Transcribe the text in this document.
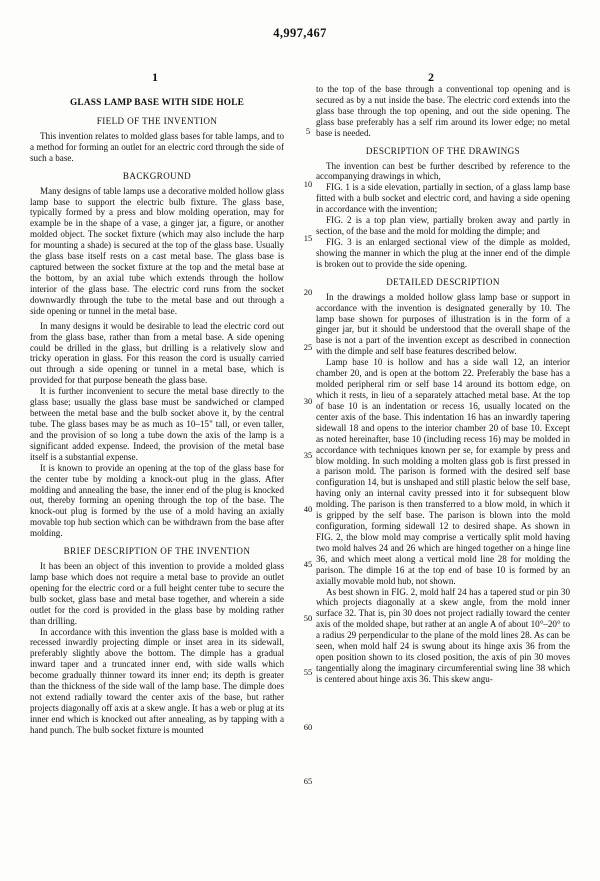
4,997,467
1	2
GLASS LAMP BASE WITH SIDE HOLE
FIELD OF THE INVENTION

This invention relates to molded glass bases for table lamps, and to a method for forming an outlet for an electric cord through the side of such a base.

BACKGROUND

Many designs of table lamps use a decorative molded hollow glass lamp base to support the electric bulb fixture. The glass base, typically formed by a press and blow molding operation, may for example be in the shape of a vase, a ginger jar, a figure, or another molded object. The socket fixture (which may also include the harp for mounting a shade) is secured at the top of the glass base. Usually the glass base itself rests on a cast metal base. The glass base is captured between the socket fixture at the top and the metal base at the bottom, by an axial tube which extends through the hollow interior of the glass base. The electric cord runs from the socket downwardly through the tube to the metal base and out through a side opening or tunnel in the metal base.

In many designs it would be desirable to lead the electric cord out from the glass base, rather than from a metal base. A side opening could be drilled in the glass, but drilling is a relatively slow and tricky operation in glass. For this reason the cord is usually carried out through a side opening or tunnel in a metal base, which is provided for that purpose beneath the glass base.

It is further inconvenient to secure the metal base directly to the glass base; usually the glass base must be sandwiched or clamped between the metal base and the bulb socket above it, by the central tube. The glass bases may be as much as 10–15" tall, or even taller, and the provision of so long a tube down the axis of the lamp is a significant added expense. Indeed, the provision of the metal base itself is a substantial expense.

It is known to provide an opening at the top of the glass base for the center tube by molding a knock-out plug in the glass. After molding and annealing the base, the inner end of the plug is knocked out, thereby forming an opening through the top of the base. The knock-out plug is formed by the use of a mold having an axially movable top hub section which can be withdrawn from the base after molding.

BRIEF DESCRIPTION OF THE INVENTION

It has been an object of this invention to provide a molded glass lamp base which does not require a metal base to provide an outlet opening for the electric cord or a full height center tube to secure the bulb socket, glass base and metal base together, and wherein a side outlet for the cord is provided in the glass base by molding rather than drilling.

In accordance with this invention the glass base is molded with a recessed inwardly projecting dimple or inset area in its sidewall, preferably slightly above the bottom. The dimple has a gradual inward taper and a truncated inner end, with side walls which become gradually thinner toward its inner end; its depth is greater than the thickness of the side wall of the lamp base. The dimple does not extend radially toward the center axis of the base, but rather projects diagonally off axis at a skew angle. It has a web or plug at its inner end which is knocked out after annealing, as by tapping with a hand punch. The bulb socket fixture is mounted

5
10
15
20
25
30
35
40
45
50
55
60
65

to the top of the base through a conventional top opening and is secured as by a nut inside the base. The electric cord extends into the glass base through the top opening, and out the side opening. The glass base preferably has a self rim around its lower edge; no metal base is needed.

DESCRIPTION OF THE DRAWINGS

The invention can best be further described by reference to the accompanying drawings in which,

FIG. 1 is a side elevation, partially in section, of a glass lamp base fitted with a bulb socket and electric cord, and having a side opening in accordance with the invention;

FIG. 2 is a top plan view, partially broken away and partly in section, of the base and the mold for molding the dimple; and

FIG. 3 is an enlarged sectional view of the dimple as molded, showing the manner in which the plug at the inner end of the dimple is broken out to provide the side opening.

DETAILED DESCRIPTION

In the drawings a molded hollow glass lamp base or support in accordance with the invention is designated generally by 10. The lamp base shown for purposes of illustration is in the form of a ginger jar, but it should be understood that the overall shape of the base is not a part of the invention except as described in connection with the dimple and self base features described below.

Lamp base 10 is hollow and has a side wall 12, an interior chamber 20, and is open at the bottom 22. Preferably the base has a molded peripheral rim or self base 14 around its bottom edge, on which it rests, in lieu of a separately attached metal base. At the top of base 10 is an indentation or recess 16, usually located on the center axis of the base. This indentation 16 has an inwardly tapering sidewall 18 and opens to the interior chamber 20 of base 10. Except as noted hereinafter, base 10 (including recess 16) may be molded in accordance with techniques known per se, for example by press and blow molding. In such molding a molten glass gob is first pressed in a parison mold. The parison is formed with the desired self base configuration 14, but is unshaped and still plastic below the self base, having only an internal cavity pressed into it for subsequent blow molding. The parison is then transferred to a blow mold, in which it is gripped by the self base. The parison is blown into the mold configuration, forming sidewall 12 to desired shape. As shown in FIG. 2, the blow mold may comprise a vertically split mold having two mold halves 24 and 26 which are hinged together on a hinge line 36, and which meet along a vertical mold line 28 for molding the parison. The dimple 16 at the top end of base 10 is formed by an axially movable mold hub, not shown.

As best shown in FIG. 2, mold half 24 has a tapered stud or pin 30 which projects diagonally at a skew angle, from the mold inner surface 32. That is, pin 30 does not project radially toward the center axis of the molded shape, but rather at an angle A of about 10°–20° to a radius 29 perpendicular to the plane of the mold lines 28. As can be seen, when mold half 24 is swung about its hinge axis 36 from the open position shown to its closed position, the axis of pin 30 moves tangentially along the imaginary circumferential swing line 38 which is centered about hinge axis 36. This skew angu-
